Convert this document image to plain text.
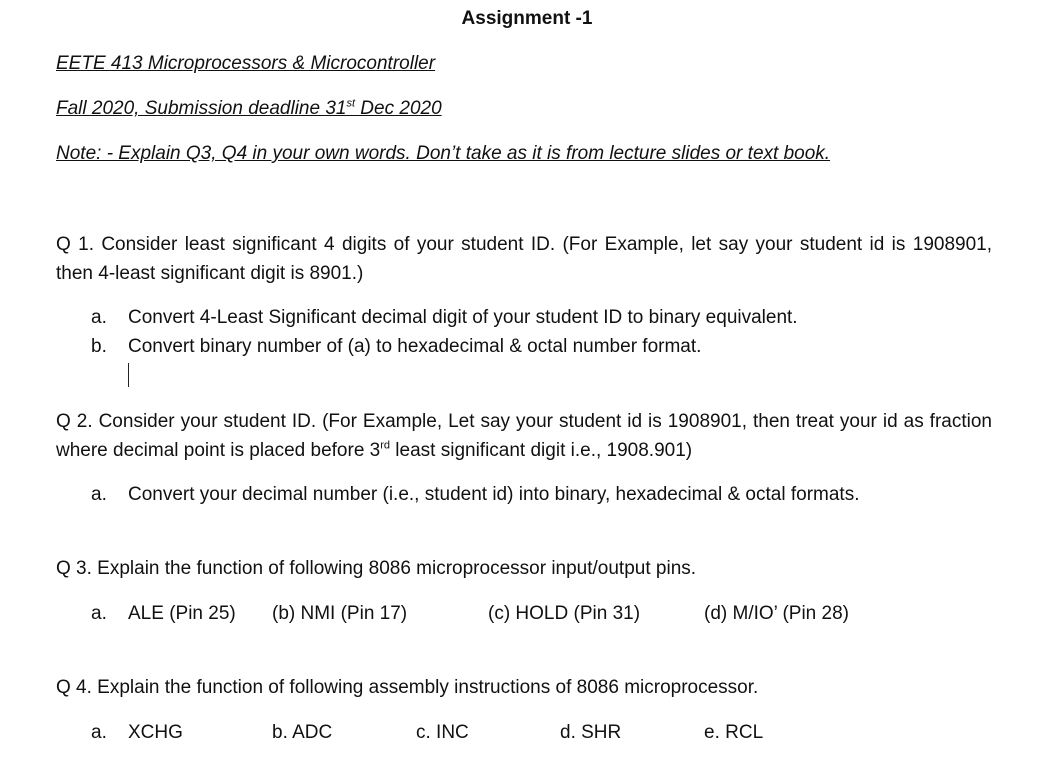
Assignment -1
EETE 413 Microprocessors & Microcontroller
Fall 2020, Submission deadline 31st Dec 2020
Note: - Explain Q3, Q4 in your own words. Don’t take as it is from lecture slides or text book.
Q 1. Consider least significant 4 digits of your student ID. (For Example, let say your student id is 1908901, then 4-least significant digit is 8901.)
a. Convert 4-Least Significant decimal digit of your student ID to binary equivalent.
b. Convert binary number of (a) to hexadecimal & octal number format.
Q 2. Consider your student ID. (For Example, Let say your student id is 1908901, then treat your id as fraction where decimal point is placed before 3rd least significant digit i.e., 1908.901)
a. Convert your decimal number (i.e., student id) into binary, hexadecimal & octal formats.
Q 3. Explain the function of following 8086 microprocessor input/output pins.
a. ALE (Pin 25) (b) NMI (Pin 17)	(c) HOLD (Pin 31)	(d) M/IO’ (Pin 28)
Q 4. Explain the function of following assembly instructions of 8086 microprocessor.
a. XCHG	b. ADC	c. INC	d. SHR	e. RCL
